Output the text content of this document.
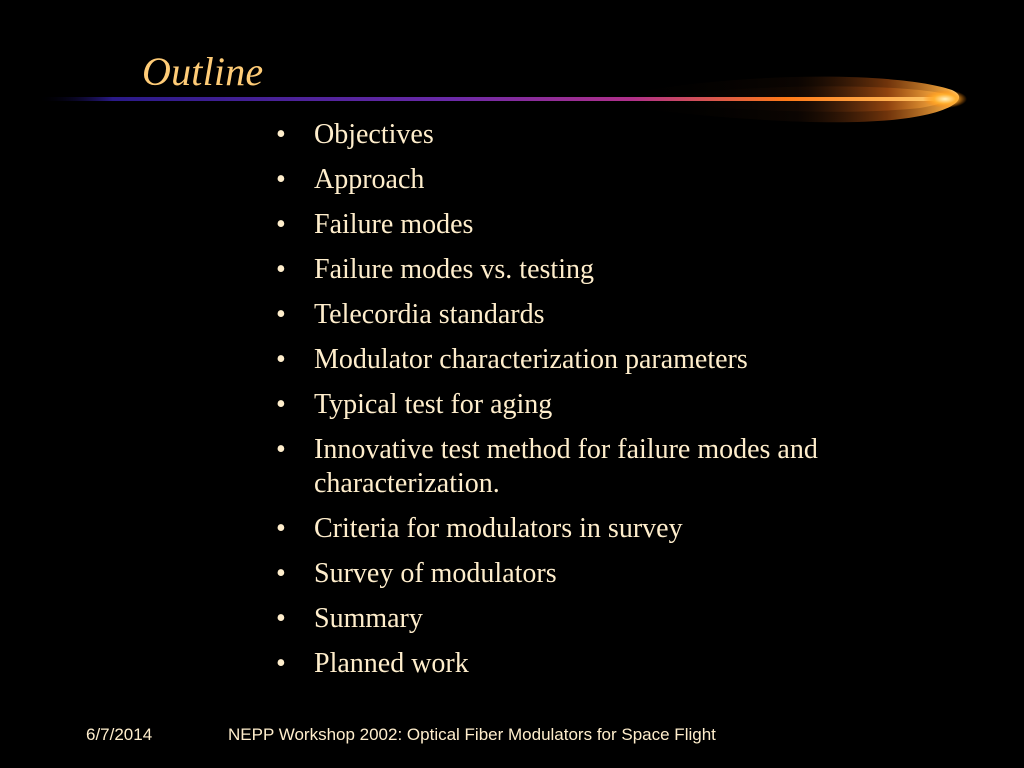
Outline
• Objectives
• Approach
• Failure modes
• Failure modes vs. testing
• Telecordia standards
• Modulator characterization parameters
• Typical test for aging
• Innovative test method for failure modes and characterization.
• Criteria for modulators in survey
• Survey of modulators
• Summary
• Planned work
6/7/2014	NEPP Workshop 2002: Optical Fiber Modulators for Space Flight
